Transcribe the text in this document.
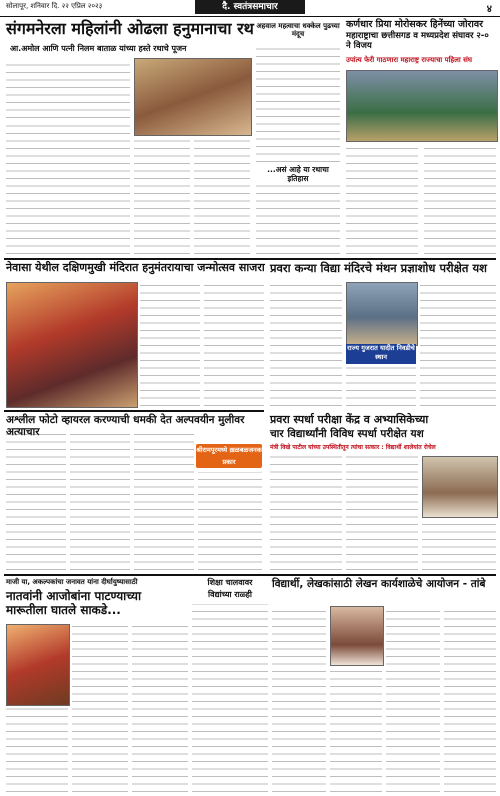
सोलापूर, शनिवार दि. २२ एप्रिल २०२३	दै. स्वतंत्रसमाचार	४
संगमनेरला महिलांनी ओढला हनुमानाचा रथ
आ.अमोल आणि पत्नी निलम बाताळ यांच्या हस्ते रथाचे पूजन
अहवाल महत्वाचा धक्केल पुढच्या मंदूच
...असं आहे या रथाचा इतिहास
कर्णधार प्रिया मोरोसकर हिनेंच्या जोरावर
महाराष्ट्राचा छत्तीसगड व मध्यप्रदेश संघावर २-० ने विजय
उपांत्य फेरी गाठणारा महाराष्ट्र राज्याचा पहिला संघ
नेवासा येथील दक्षिणमुखी मंदिरात हनुमंतरायाचा जन्मोत्सव साजरा प्रवरा कन्या विद्या मंदिरचे मंथन प्रज्ञाशोध परीक्षेत यश
राज्य गुजरात यादीत निवडीचे स्थान
अश्लील फोटो व्हायरल करण्याची धमकी देत अल्पवयीन मुलीवर अत्याचार
श्रीरामपूरमध्ये ख़ळबळजनक प्रकार
प्रवरा स्पर्धा परीक्षा केंद्र व अभ्यासिकेच्या
चार विद्यार्थ्यांनी विविध स्पर्धा परीक्षेत यश
मंत्री विखे पाटील यांच्या उपस्थितीतून त्यांचा सत्कार : विद्यार्थी शालेयांत रोचेल
माजी या, अकल्पकांचा जनावत यांना दीर्घायुष्यासाठी
नातवांनी आजोबांना पाटण्याच्या मारूतीला घातले साकडे...
शिक्षा चालवावर
विद्यांच्या राळ्ही
विद्यार्थी, लेखकांसाठी लेखन कार्यशाळेचे आयोजन - तांबे
